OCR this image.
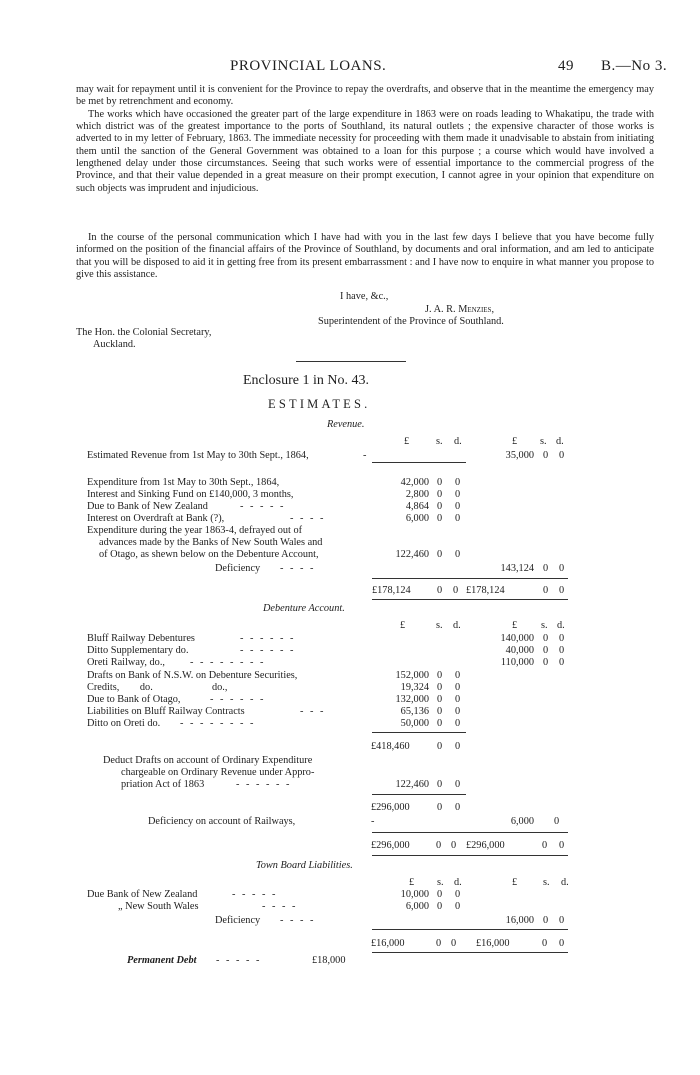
PROVINCIAL LOANS.	49 B.—No 3.

may wait for repayment until it is convenient for the Province to repay the overdrafts, and observe that in the meantime the emergency may be met by retrenchment and economy.

The works which have occasioned the greater part of the large expenditure in 1863 were on roads leading to Whakatipu, the trade with which district was of the greatest importance to the ports of Southland, its natural outlets ; the expensive character of those works is adverted to in my letter of February, 1863. The immediate necessity for proceeding with them made it unadvisable to abstain from initiating them until the sanction of the General Government was obtained to a loan for this purpose ; a course which would have involved a lengthened delay under those circumstances. Seeing that such works were of essential importance to the commercial progress of the Province, and that their value depended in a great measure on their prompt execution, I cannot agree in your opinion that expenditure on such objects was imprudent and injudicious.

In the course of the personal communication which I have had with you in the last few days I believe that you have become fully informed on the position of the financial affairs of the Province of Southland, by documents and oral information, and am led to anticipate that you will be disposed to aid it in getting free from its present embarrassment : and I have now to enquire in what manner you propose to give this assistance.

I have, &c.,
J. A. R. Menzies,
Superintendent of the Province of Southland.
The Hon. the Colonial Secretary,
Auckland.
Enclosure 1 in No. 43.
ESTIMATES.
Revenue.
£	s. d.	£ s. d.
Estimated Revenue from 1st May to 30th Sept., 1864,	-	35,000 0 0
Expenditure from 1st May to 30th Sept., 1864,	42,000 0 0
Interest and Sinking Fund on £140,000, 3 months,	2,800 0 0
Due to Bank of New Zealand	- - - - -	4,864 0 0
Interest on Overdraft at Bank (?),	- - - -	6,000 0 0
Expenditure during the year 1863-4, defrayed out of
advances made by the Banks of New South Wales and
of Otago, as shewn below on the Debenture Account,	122,460 0 0
Deficiency - - - -	143,124 0 0
£178,124	0 0 £178,124	0 0
Debenture Account.
£	s. d.	£ s. d.
Bluff Railway Debentures	- - - - - -	140,000 0 0
Ditto Supplementary do.	- - - - - -	40,000 0 0
Oreti Railway, do., - - - - - - - -	110,000 0 0
Drafts on Bank of N.S.W. on Debenture Securities,	152,000 0 0
Credits,        do.                       do.,	19,324 0 0
Due to Bank of Otago,	- - - - - -	132,000 0 0
Liabilities on Bluff Railway Contracts	- - -	65,136 0 0
Ditto on Oreti do. - - - - - - - -	50,000 0 0
£418,460	0 0
Deduct Drafts on account of Ordinary Expenditure
chargeable on Ordinary Revenue under Appro-
priation Act of 1863	- - - - - -	122,460 0 0
£296,000	0 0
Deficiency on account of Railways,	-	6,000 0
£296,000	0 0 £296,000	0 0
Town Board Liabilities.
£ s. d.	£	s. d.
Due Bank of New Zealand	- - - - -	10,000 0 0
„ New South Wales	- - - -	6,000 0 0
Deficiency - - - -	16,000 0 0
£16,000	0 0 £16,000	0 0
Permanent Debt - - - - -	£18,000
